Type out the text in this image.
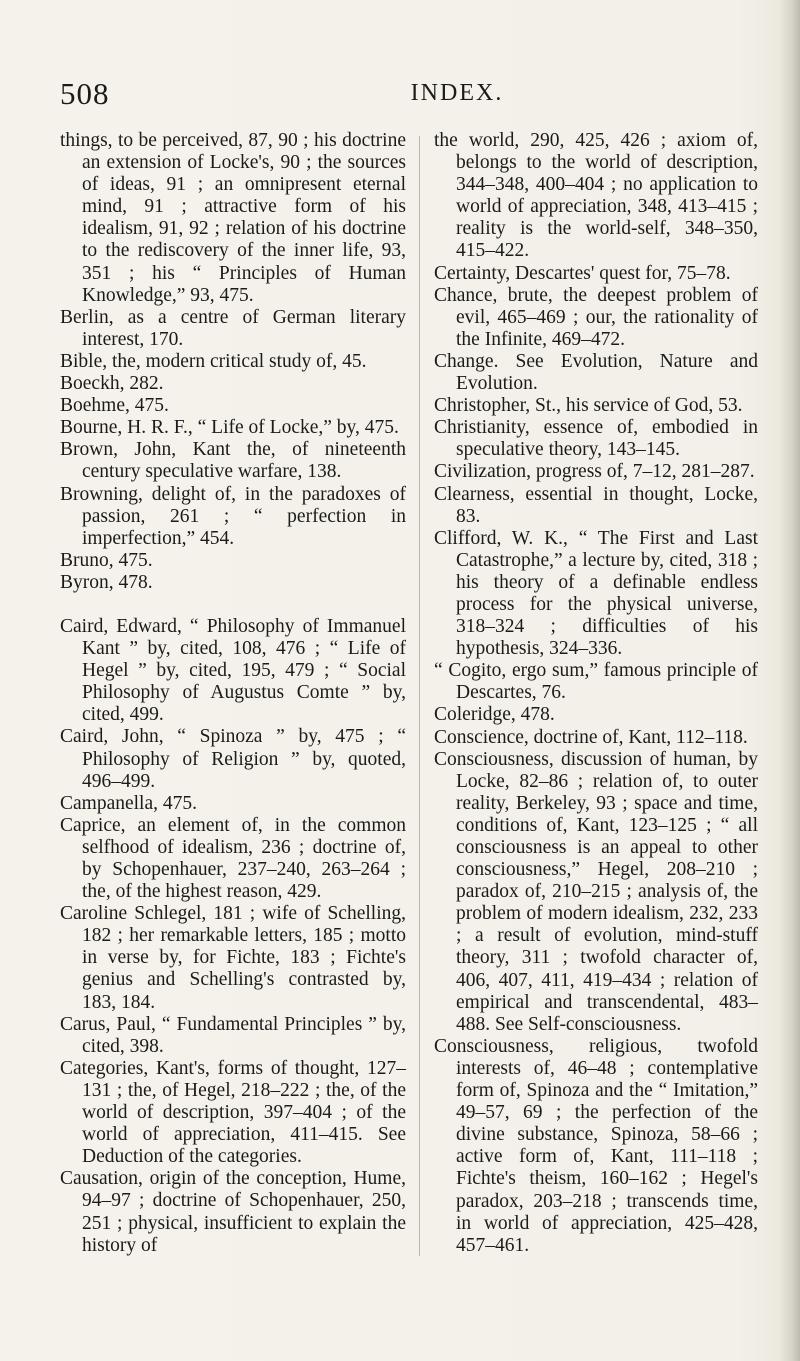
508	INDEX.

things, to be perceived, 87, 90 ; his doctrine an extension of Locke's, 90 ; the sources of ideas, 91 ; an omnipresent eternal mind, 91 ; attractive form of his idealism, 91, 92 ; relation of his doctrine to the rediscovery of the inner life, 93, 351 ; his “ Principles of Human Knowledge,” 93, 475.

Berlin, as a centre of German literary interest, 170.

Bible, the, modern critical study of, 45.

Boeckh, 282.

Boehme, 475.

Bourne, H. R. F., “ Life of Locke,” by, 475.

Brown, John, Kant the, of nineteenth century speculative warfare, 138.

Browning, delight of, in the paradoxes of passion, 261 ; “ perfection in imperfection,” 454.

Bruno, 475.

Byron, 478.

Caird, Edward, “ Philosophy of Immanuel Kant ” by, cited, 108, 476 ; “ Life of Hegel ” by, cited, 195, 479 ; “ Social Philosophy of Augustus Comte ” by, cited, 499.

Caird, John, “ Spinoza ” by, 475 ; “ Philosophy of Religion ” by, quoted, 496–499.

Campanella, 475.

Caprice, an element of, in the common selfhood of idealism, 236 ; doctrine of, by Schopenhauer, 237–240, 263–264 ; the, of the highest reason, 429.

Caroline Schlegel, 181 ; wife of Schelling, 182 ; her remarkable letters, 185 ; motto in verse by, for Fichte, 183 ; Fichte's genius and Schelling's contrasted by, 183, 184.

Carus, Paul, “ Fundamental Principles ” by, cited, 398.

Categories, Kant's, forms of thought, 127–131 ; the, of Hegel, 218–222 ; the, of the world of description, 397–404 ; of the world of appreciation, 411–415. See Deduction of the categories.

Causation, origin of the conception, Hume, 94–97 ; doctrine of Schopenhauer, 250, 251 ; physical, insufficient to explain the history of

the world, 290, 425, 426 ; axiom of, belongs to the world of description, 344–348, 400–404 ; no application to world of appreciation, 348, 413–415 ; reality is the world-self, 348–350, 415–422.

Certainty, Descartes' quest for, 75–78.

Chance, brute, the deepest problem of evil, 465–469 ; our, the rationality of the Infinite, 469–472.

Change. See Evolution, Nature and Evolution.

Christopher, St., his service of God, 53.

Christianity, essence of, embodied in speculative theory, 143–145.

Civilization, progress of, 7–12, 281–287.

Clearness, essential in thought, Locke, 83.

Clifford, W. K., “ The First and Last Catastrophe,” a lecture by, cited, 318 ; his theory of a definable endless process for the physical universe, 318–324 ; difficulties of his hypothesis, 324–336.

“ Cogito, ergo sum,” famous principle of Descartes, 76.

Coleridge, 478.

Conscience, doctrine of, Kant, 112–118.

Consciousness, discussion of human, by Locke, 82–86 ; relation of, to outer reality, Berkeley, 93 ; space and time, conditions of, Kant, 123–125 ; “ all consciousness is an appeal to other consciousness,” Hegel, 208–210 ; paradox of, 210–215 ; analysis of, the problem of modern idealism, 232, 233 ; a result of evolution, mind-stuff theory, 311 ; twofold character of, 406, 407, 411, 419–434 ; relation of empirical and transcendental, 483–488. See Self-consciousness.

Consciousness, religious, twofold interests of, 46–48 ; contemplative form of, Spinoza and the “ Imitation,” 49–57, 69 ; the perfection of the divine substance, Spinoza, 58–66 ; active form of, Kant, 111–118 ; Fichte's theism, 160–162 ; Hegel's paradox, 203–218 ; transcends time, in world of appreciation, 425–428, 457–461.
